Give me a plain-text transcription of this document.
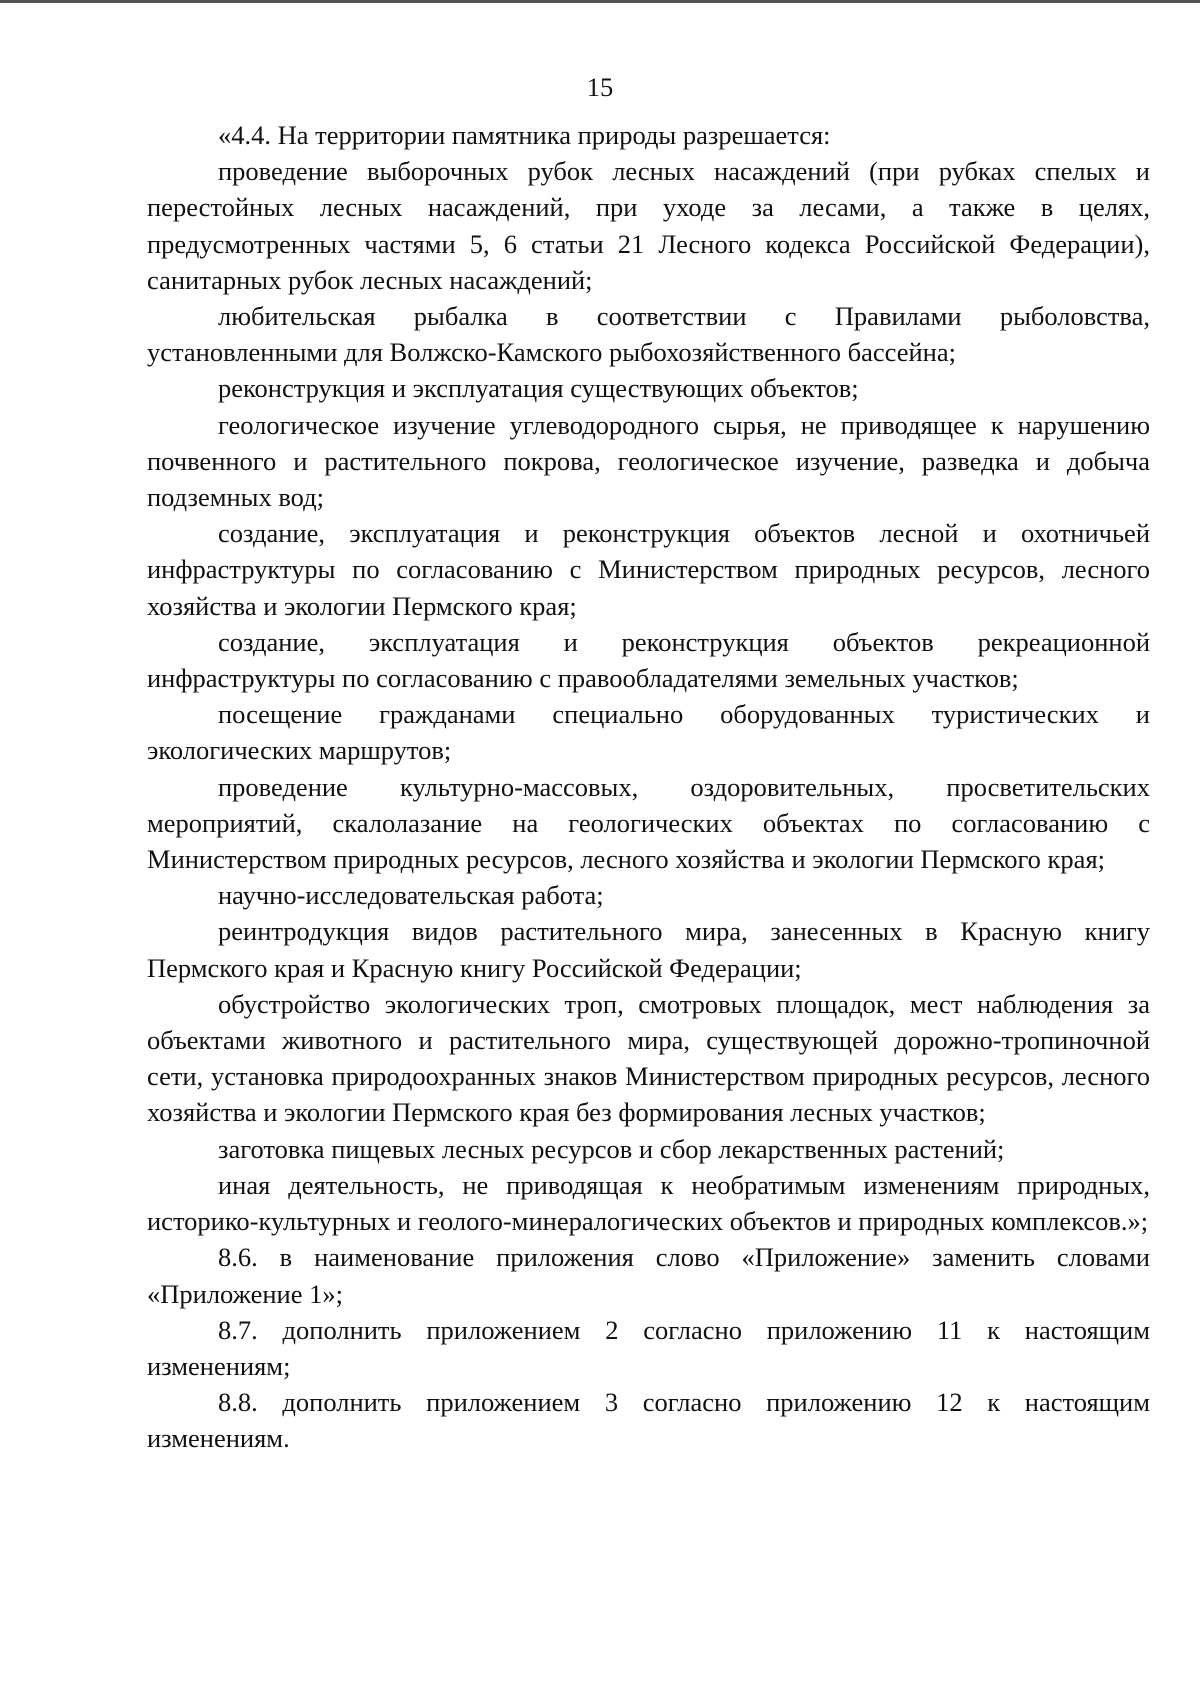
15

«4.4. На территории памятника природы разрешается:

проведение выборочных рубок лесных насаждений (при рубках спелых и перестойных лесных насаждений, при уходе за лесами, а также в целях, предусмотренных частями 5, 6 статьи 21 Лесного кодекса Российской Федерации), санитарных рубок лесных насаждений;

любительская рыбалка в соответствии с Правилами рыболовства, установленными для Волжско-Камского рыбохозяйственного бассейна;

реконструкция и эксплуатация существующих объектов;

геологическое изучение углеводородного сырья, не приводящее к нарушению почвенного и растительного покрова, геологическое изучение, разведка и добыча подземных вод;

создание, эксплуатация и реконструкция объектов лесной и охотничьей инфраструктуры по согласованию с Министерством природных ресурсов, лесного хозяйства и экологии Пермского края;

создание, эксплуатация и реконструкция объектов рекреационной инфраструктуры по согласованию с правообладателями земельных участков;

посещение гражданами специально оборудованных туристических и экологических маршрутов;

проведение культурно-массовых, оздоровительных, просветительских мероприятий, скалолазание на геологических объектах по согласованию с Министерством природных ресурсов, лесного хозяйства и экологии Пермского края;

научно-исследовательская работа;

реинтродукция видов растительного мира, занесенных в Красную книгу Пермского края и Красную книгу Российской Федерации;

обустройство экологических троп, смотровых площадок, мест наблюдения за объектами животного и растительного мира, существующей дорожно-тропиночной сети, установка природоохранных знаков Министерством природных ресурсов, лесного хозяйства и экологии Пермского края без формирования лесных участков;

заготовка пищевых лесных ресурсов и сбор лекарственных растений;

иная деятельность, не приводящая к необратимым изменениям природных, историко-культурных и геолого-минералогических объектов и природных комплексов.»;

8.6. в наименование приложения слово «Приложение» заменить словами «Приложение 1»;

8.7. дополнить приложением 2 согласно приложению 11 к настоящим изменениям;

8.8. дополнить приложением 3 согласно приложению 12 к настоящим изменениям.
